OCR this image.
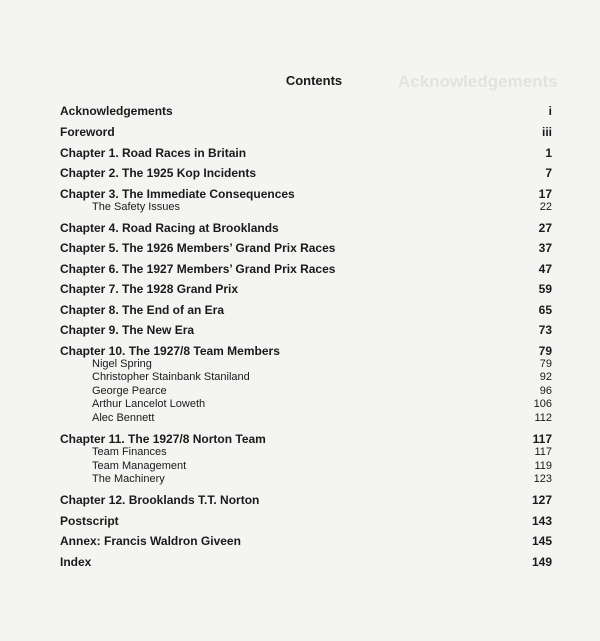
Acknowledgements
Contents
Acknowledgements	i
Foreword	iii
Chapter 1. Road Races in Britain	1
Chapter 2. The 1925 Kop Incidents	7
Chapter 3. The Immediate Consequences	17
The Safety Issues	22
Chapter 4. Road Racing at Brooklands	27
Chapter 5. The 1926 Members’ Grand Prix Races	37
Chapter 6. The 1927 Members’ Grand Prix Races	47
Chapter 7. The 1928 Grand Prix	59
Chapter 8. The End of an Era	65
Chapter 9. The New Era	73
Chapter 10. The 1927/8 Team Members	79
Nigel Spring	79
Christopher Stainbank Staniland	92
George Pearce	96
Arthur Lancelot Loweth	106
Alec Bennett	112
Chapter 11. The 1927/8 Norton Team	117
Team Finances	117
Team Management	119
The Machinery	123
Chapter 12. Brooklands T.T. Norton	127
Postscript	143
Annex: Francis Waldron Giveen	145
Index	149
